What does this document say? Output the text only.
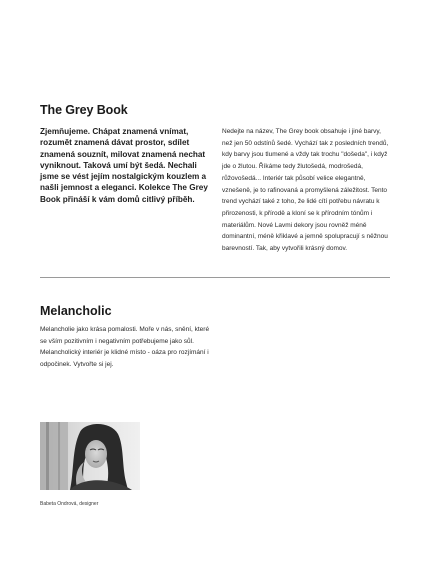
The Grey Book

Zjemňujeme. Chápat znamená vnímat, rozumět znamená dávat prostor, sdílet znamená souznít, milovat znamená nechat vyniknout. Taková umí být šedá. Nechali jsme se vést jejím nostalgickým kouzlem a našli jemnost a eleganci. Kolekce The Grey Book přináší k vám domů citlivý příběh.

Nedejte na název, The Grey book obsahuje i jiné barvy, než jen 50 odstínů šedé. Vychází tak z posledních trendů, kdy barvy jsou tlumené a vždy tak trochu "došeda", i když jde o žlutou. Říkáme tedy žlutošedá, modrošedá, růžovošedá... Interiér tak působí velice elegantně, vznešeně, je to rafinovaná a promyšlená záležitost. Tento trend vychází také z toho, že lidé cítí potřebu návratu k přirozenosti, k přírodě a kloní se k přírodním tónům i materiálům. Nové Lavmi dekory jsou rovněž méně dominantní, méně křiklavé a jemně spolupracují s něžnou barevností. Tak, aby vytvořili krásný domov.

Melancholic

Melancholie jako krása pomalosti. Moře v nás, snění, které se vším pozitivním i negativním potřebujeme jako sůl. Melancholický interiér je klidné místo - oáza pro rozjímání i odpočinek. Vytvořte si jej.

Babeta Ondrová, designer
